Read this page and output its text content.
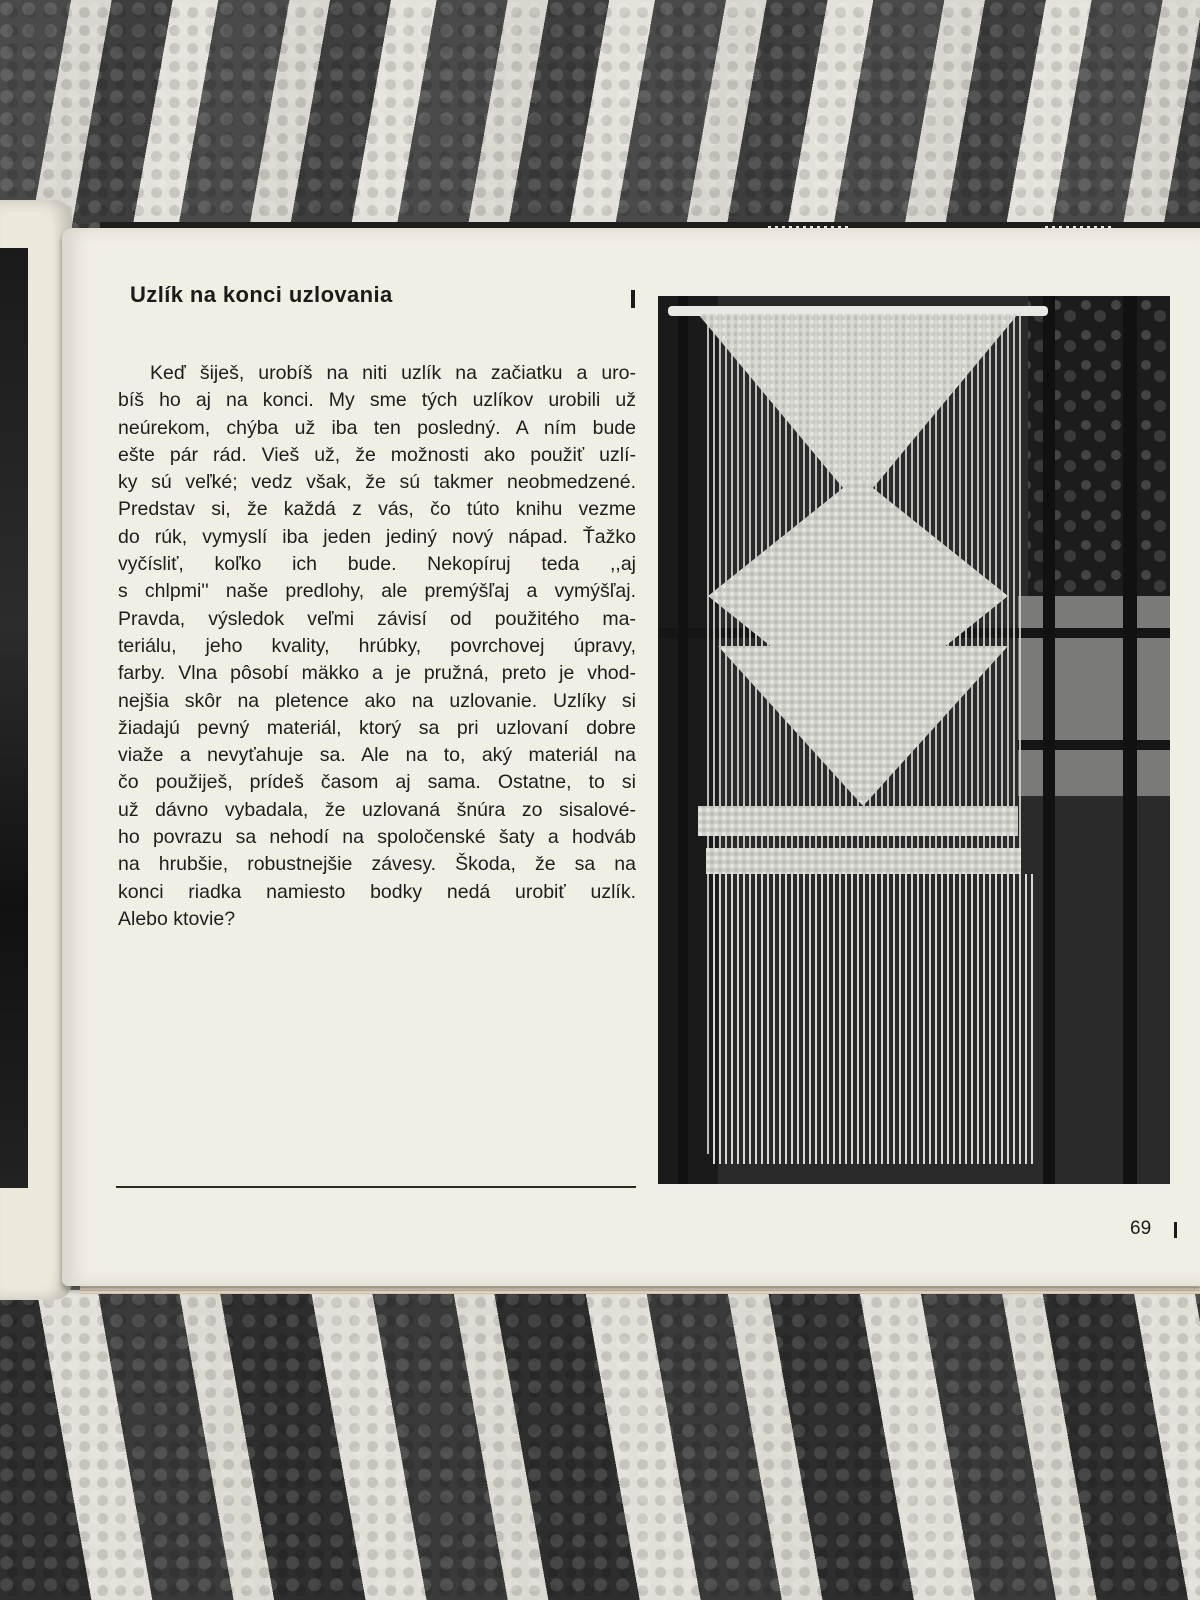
Uzlík na konci uzlovania

Keď šiješ, urobíš na niti uzlík na začiatku a uro-
bíš ho aj na konci. My sme tých uzlíkov urobili už
neúrekom, chýba už iba ten posledný. A ním bude
ešte pár rád. Vieš už, že možnosti ako použiť uzlí-
ky sú veľké; vedz však, že sú takmer neobmedzené.
Predstav si, že každá z vás, čo túto knihu vezme
do rúk, vymyslí iba jeden jediný nový nápad. Ťažko
vyčísliť, koľko ich bude. Nekopíruj teda ,,aj
s chlpmi'' naše predlohy, ale premýšľaj a vymýšľaj.
Pravda, výsledok veľmi závisí od použitého ma-
teriálu, jeho kvality, hrúbky, povrchovej úpravy,
farby. Vlna pôsobí mäkko a je pružná, preto je vhod-
nejšia skôr na pletence ako na uzlovanie. Uzlíky si
žiadajú pevný materiál, ktorý sa pri uzlovaní dobre
viaže a nevyťahuje sa. Ale na to, aký materiál na
čo použiješ, prídeš časom aj sama. Ostatne, to si
už dávno vybadala, že uzlovaná šnúra zo sisalové-
ho povrazu sa nehodí na spoločenské šaty a hodváb
na hrubšie, robustnejšie závesy. Škoda, že sa na
konci riadka namiesto bodky nedá urobiť uzlík.
Alebo ktovie?

69
